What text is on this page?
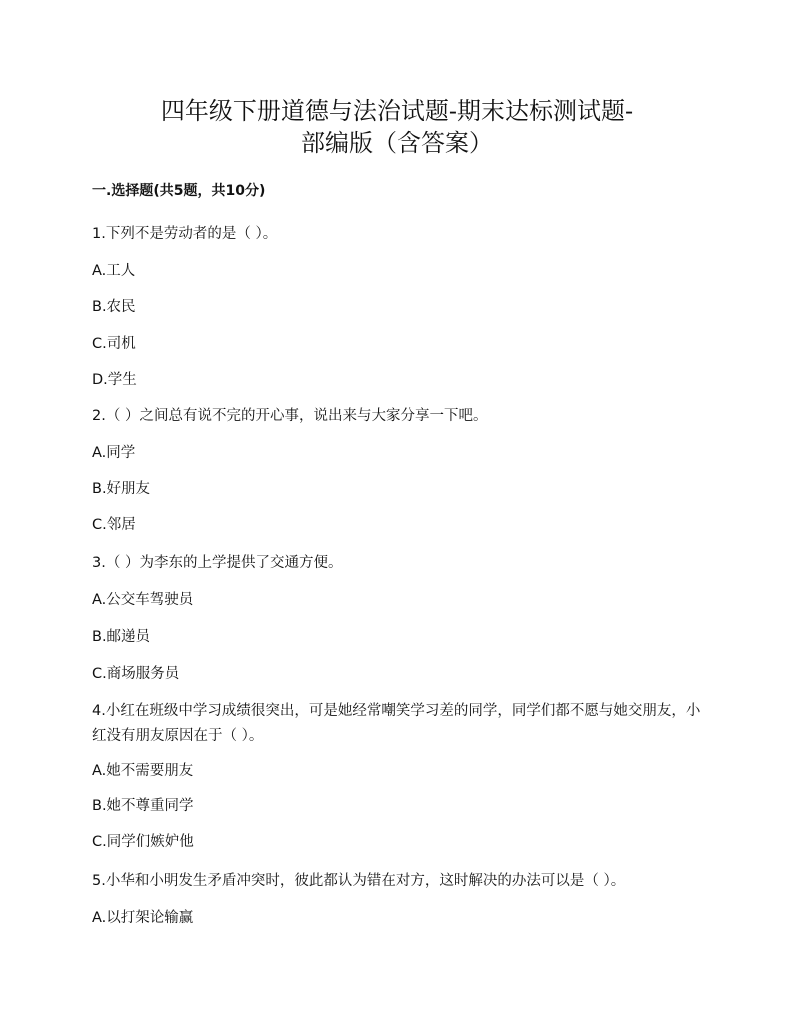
四年级下册道德与法治试题-期末达标测试题-
部编版（含答案）
一.选择题(共5题，共10分)

1.下列不是劳动者的是（ ）。

A.工人

B.农民

C.司机

D.学生

2.（ ）之间总有说不完的开心事，说出来与大家分享一下吧。

A.同学

B.好朋友

C.邻居

3.（ ）为李东的上学提供了交通方便。

A.公交车驾驶员

B.邮递员

C.商场服务员

4.小红在班级中学习成绩很突出，可是她经常嘲笑学习差的同学，同学们都不愿与她交朋友，小红没有朋友原因在于（ ）。

A.她不需要朋友

B.她不尊重同学

C.同学们嫉妒他

5.小华和小明发生矛盾冲突时，彼此都认为错在对方，这时解决的办法可以是（ ）。

A.以打架论输赢
